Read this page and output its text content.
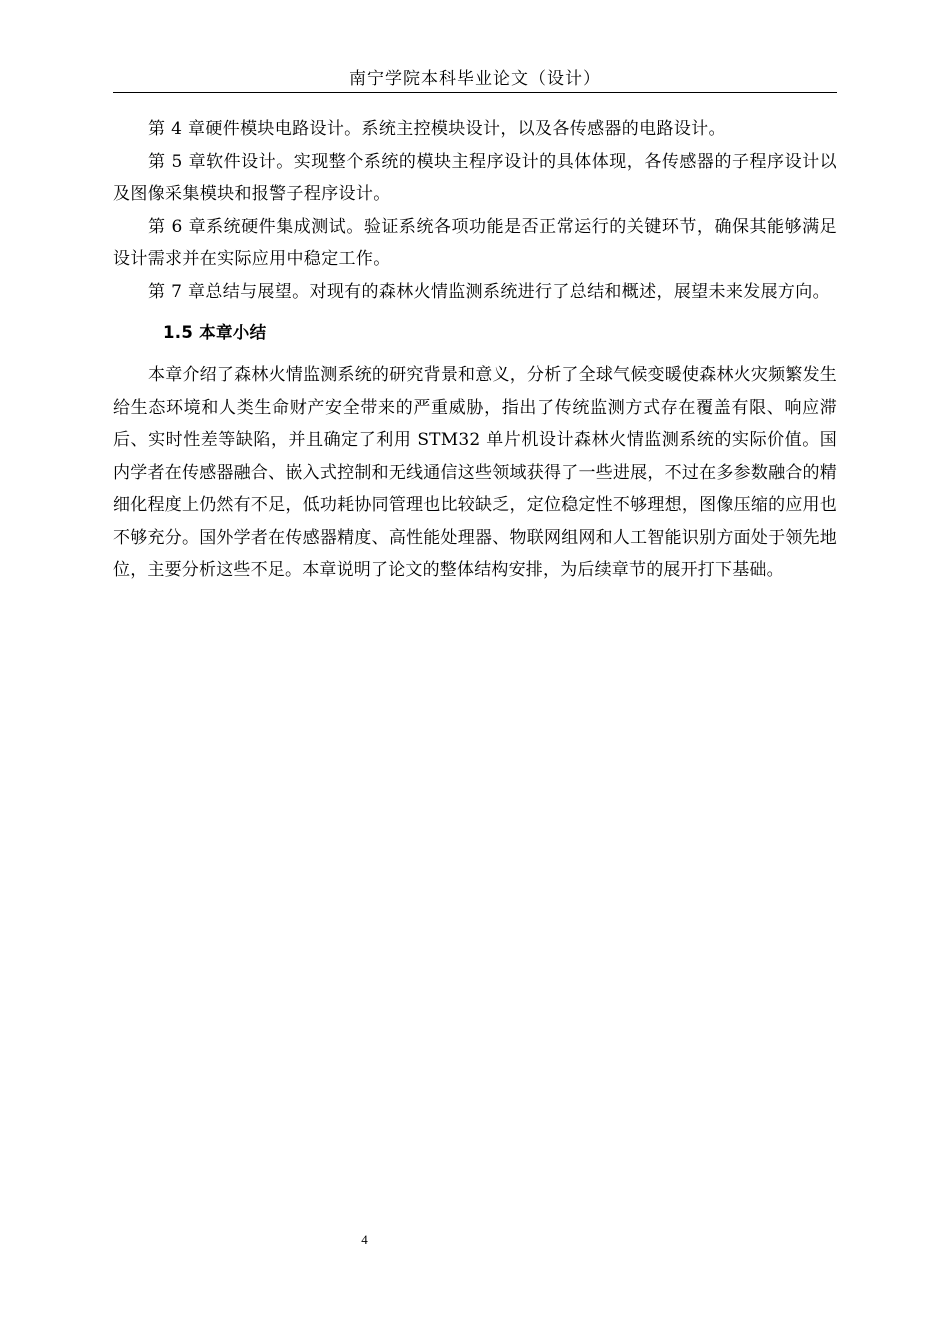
南宁学院本科毕业论文（设计）

第 4 章硬件模块电路设计。系统主控模块设计，以及各传感器的电路设计。

第 5 章软件设计。实现整个系统的模块主程序设计的具体体现，各传感器的子程序设计以及图像采集模块和报警子程序设计。

第 6 章系统硬件集成测试。验证系统各项功能是否正常运行的关键环节，确保其能够满足设计需求并在实际应用中稳定工作。

第 7 章总结与展望。对现有的森林火情监测系统进行了总结和概述，展望未来发展方向。

1.5 本章小结

本章介绍了森林火情监测系统的研究背景和意义，分析了全球气候变暖使森林火灾频繁发生给生态环境和人类生命财产安全带来的严重威胁，指出了传统监测方式存在覆盖有限、响应滞后、实时性差等缺陷，并且确定了利用 STM32 单片机设计森林火情监测系统的实际价值。国内学者在传感器融合、嵌入式控制和无线通信这些领域获得了一些进展，不过在多参数融合的精细化程度上仍然有不足，低功耗协同管理也比较缺乏，定位稳定性不够理想，图像压缩的应用也不够充分。国外学者在传感器精度、高性能处理器、物联网组网和人工智能识别方面处于领先地位，主要分析这些不足。本章说明了论文的整体结构安排，为后续章节的展开打下基础。

4
